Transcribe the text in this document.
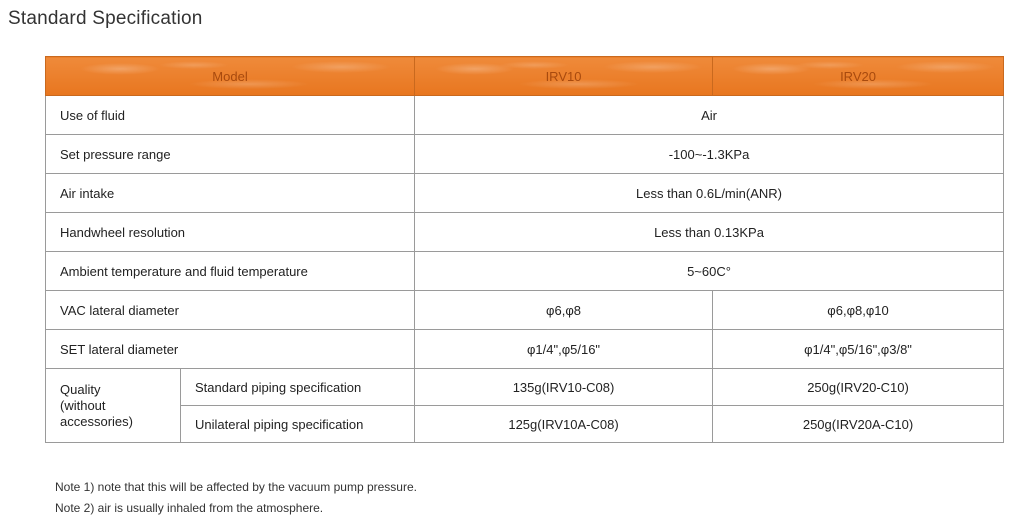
Standard Specification
Model		IRV10	IRV20
Use of fluid		Air	
Set pressure range		-100~-1.3KPa	
Air intake		Less than 0.6L/min(ANR)	
Handwheel resolution		Less than 0.13KPa	
Ambient temperature and fluid temperature		5~60C°	
VAC lateral diameter		φ6,φ8	φ6,φ8,φ10
SET lateral diameter		φ1/4",φ5/16"	φ1/4",φ5/16",φ3/8"
Quality
(without
accessories)	Standard piping specification	135g(IRV10-C08)	250g(IRV20-C10)
	Unilateral piping specification	125g(IRV10A-C08)	250g(IRV20A-C10)
Note 1) note that this will be affected by the vacuum pump pressure.
Note 2) air is usually inhaled from the atmosphere.
